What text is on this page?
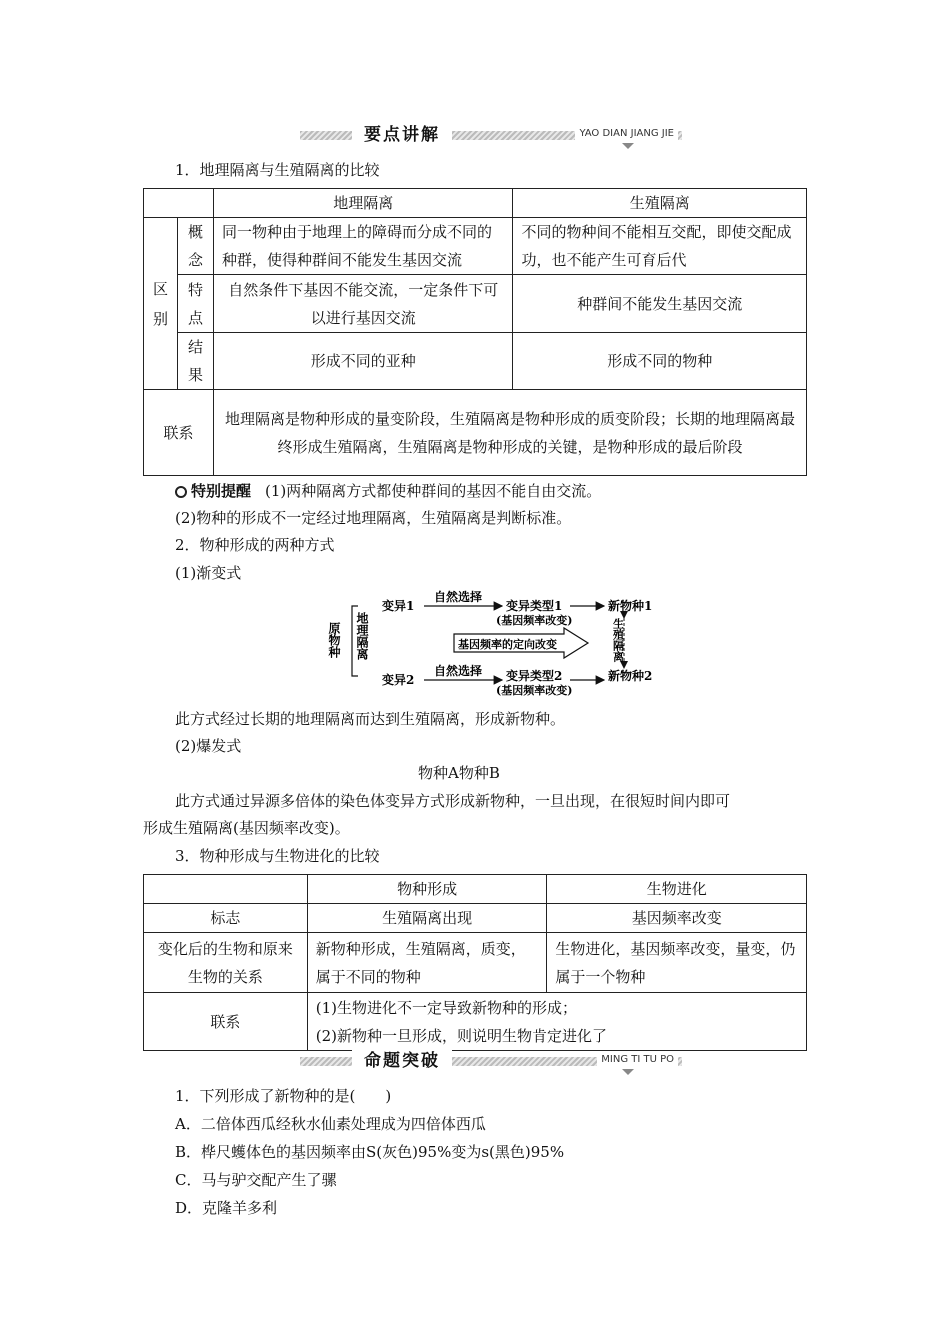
要点讲解	YAO DIAN JIANG JIE
1．地理隔离与生殖隔离的比较
		地理隔离	生殖隔离
区别	概念	同一物种由于地理上的障碍而分成不同的种群，使得种群间不能发生基因交流	不同的物种间不能相互交配，即使交配成功，也不能产生可育后代
	特点	自然条件下基因不能交流，一定条件下可以进行基因交流	种群间不能发生基因交流
	结果	形成不同的亚种	形成不同的物种
联系		地理隔离是物种形成的量变阶段，生殖隔离是物种形成的质变阶段；长期的地理隔离最终形成生殖隔离，生殖隔离是物种形成的关键，是物种形成的最后阶段	
特别提醒 (1)两种隔离方式都使种群间的基因不能自由交流。
(2)物种的形成不一定经过地理隔离，生殖隔离是判断标准。
2．物种形成的两种方式
(1)渐变式
原物种 地理隔离
变异1
变异2
自然选择
自然选择
变异类型1
(基因频率改变)
变异类型2
(基因频率改变)
新物种1
新物种2
基因频率的定向改变	生殖隔离
此方式经过长期的地理隔离而达到生殖隔离，形成新物种。
(2)爆发式
物种A物种B
此方式通过异源多倍体的染色体变异方式形成新物种，一旦出现，在很短时间内即可
形成生殖隔离(基因频率改变)。
3．物种形成与生物进化的比较
	物种形成	生物进化
标志	生殖隔离出现	基因频率改变
变化后的生物和原来生物的关系	新物种形成，生殖隔离，质变，属于不同的物种	生物进化，基因频率改变，量变，仍属于一个物种
联系	(1)生物进化不一定导致新物种的形成；
(2)新物种一旦形成，则说明生物肯定进化了	
命题突破	MING TI TU PO
1．下列形成了新物种的是(　　)
A．二倍体西瓜经秋水仙素处理成为四倍体西瓜
B．桦尺蠖体色的基因频率由S(灰色)95%变为s(黑色)95%
C．马与驴交配产生了骡
D．克隆羊多利
